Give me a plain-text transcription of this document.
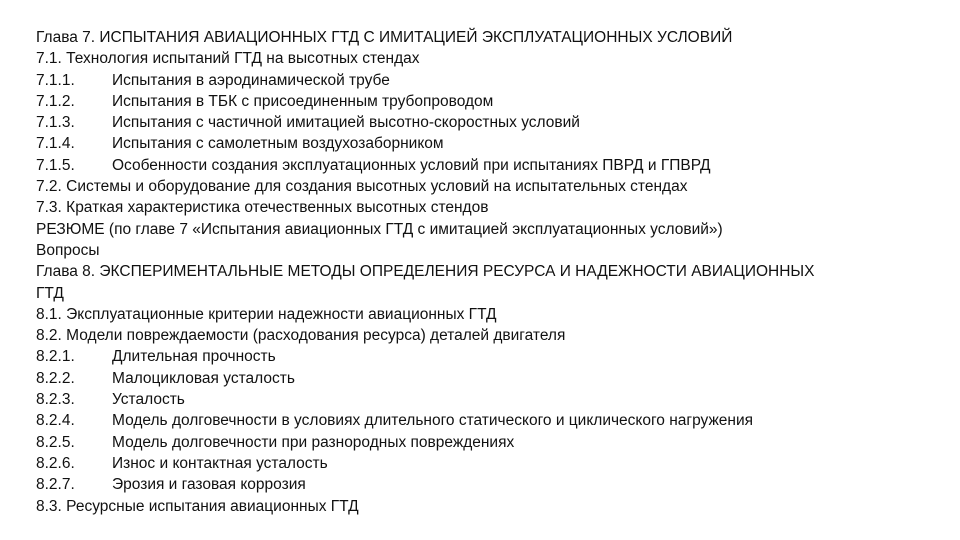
Глава 7. ИСПЫТАНИЯ АВИАЦИОННЫХ ГТД С ИМИТАЦИЕЙ ЭКСПЛУАТАЦИОННЫХ УСЛОВИЙ
7.1. Технология испытаний ГТД на высотных стендах
7.1.1. Испытания в аэродинамической трубе
7.1.2. Испытания в ТБК с присоединенным трубопроводом
7.1.3. Испытания с частичной имитацией высотно-скоростных условий
7.1.4. Испытания с самолетным воздухозаборником
7.1.5. Особенности создания эксплуатационных условий при испытаниях ПВРД и ГПВРД
7.2. Системы и оборудование для создания высотных условий на испытательных стендах
7.3. Краткая характеристика отечественных высотных стендов
РЕЗЮМЕ (по главе 7 «Испытания авиационных ГТД с имитацией эксплуатационных условий»)
Вопросы
Глава 8. ЭКСПЕРИМЕНТАЛЬНЫЕ МЕТОДЫ ОПРЕДЕЛЕНИЯ РЕСУРСА И НАДЕЖНОСТИ АВИАЦИОННЫХ ГТД
8.1. Эксплуатационные критерии надежности авиационных ГТД
8.2. Модели повреждаемости (расходования ресурса) деталей двигателя
8.2.1. Длительная прочность
8.2.2. Малоцикловая усталость
8.2.3. Усталость
8.2.4. Модель долговечности в условиях длительного статического и циклического нагружения
8.2.5. Модель долговечности при разнородных повреждениях
8.2.6. Износ и контактная усталость
8.2.7. Эрозия и газовая коррозия
8.3. Ресурсные испытания авиационных ГТД
